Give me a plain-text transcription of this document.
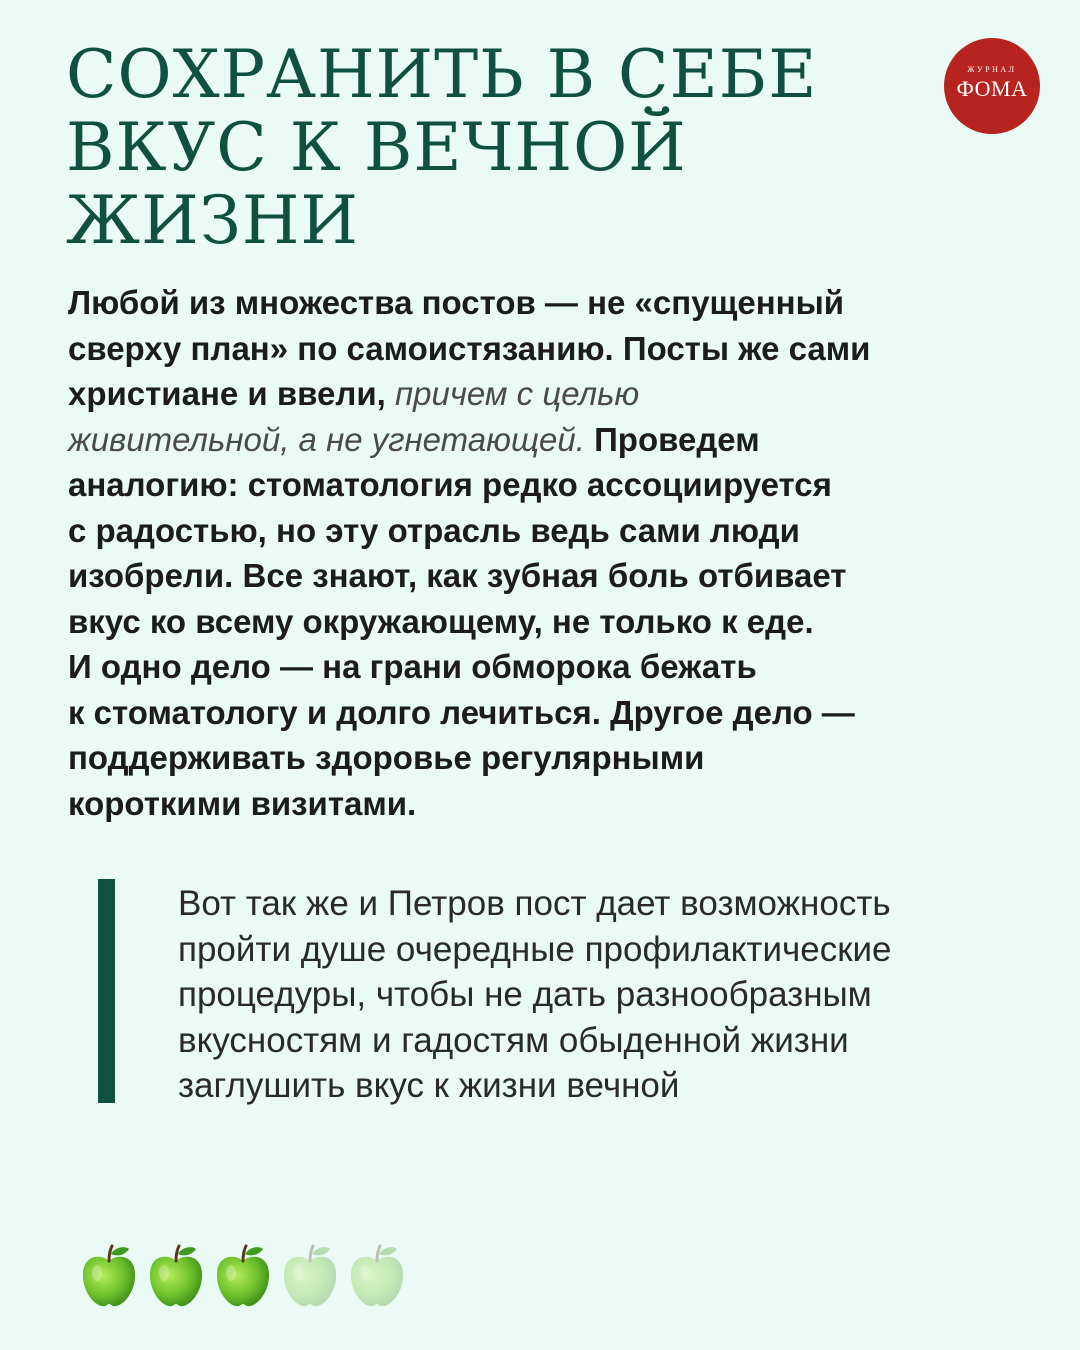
СОХРАНИТЬ В СЕБЕ
ВКУС К ВЕЧНОЙ
ЖИЗНИ
ЖУРНАЛ
ФОМА

Любой из множества постов — не «спущенный
сверху план» по самоистязанию. Посты же сами
христиане и ввели, причем с целью
живительной, а не угнетающей. Проведем
аналогию: стоматология редко ассоциируется
с радостью, но эту отрасль ведь сами люди
изобрели. Все знают, как зубная боль отбивает
вкус ко всему окружающему, не только к еде.
И одно дело — на грани обморока бежать
к стоматологу и долго лечиться. Другое дело —
поддерживать здоровье регулярными
короткими визитами.

Вот так же и Петров пост дает возможность
пройти душе очередные профилактические
процедуры, чтобы не дать разнообразным
вкусностям и гадостям обыденной жизни
заглушить вкус к жизни вечной
